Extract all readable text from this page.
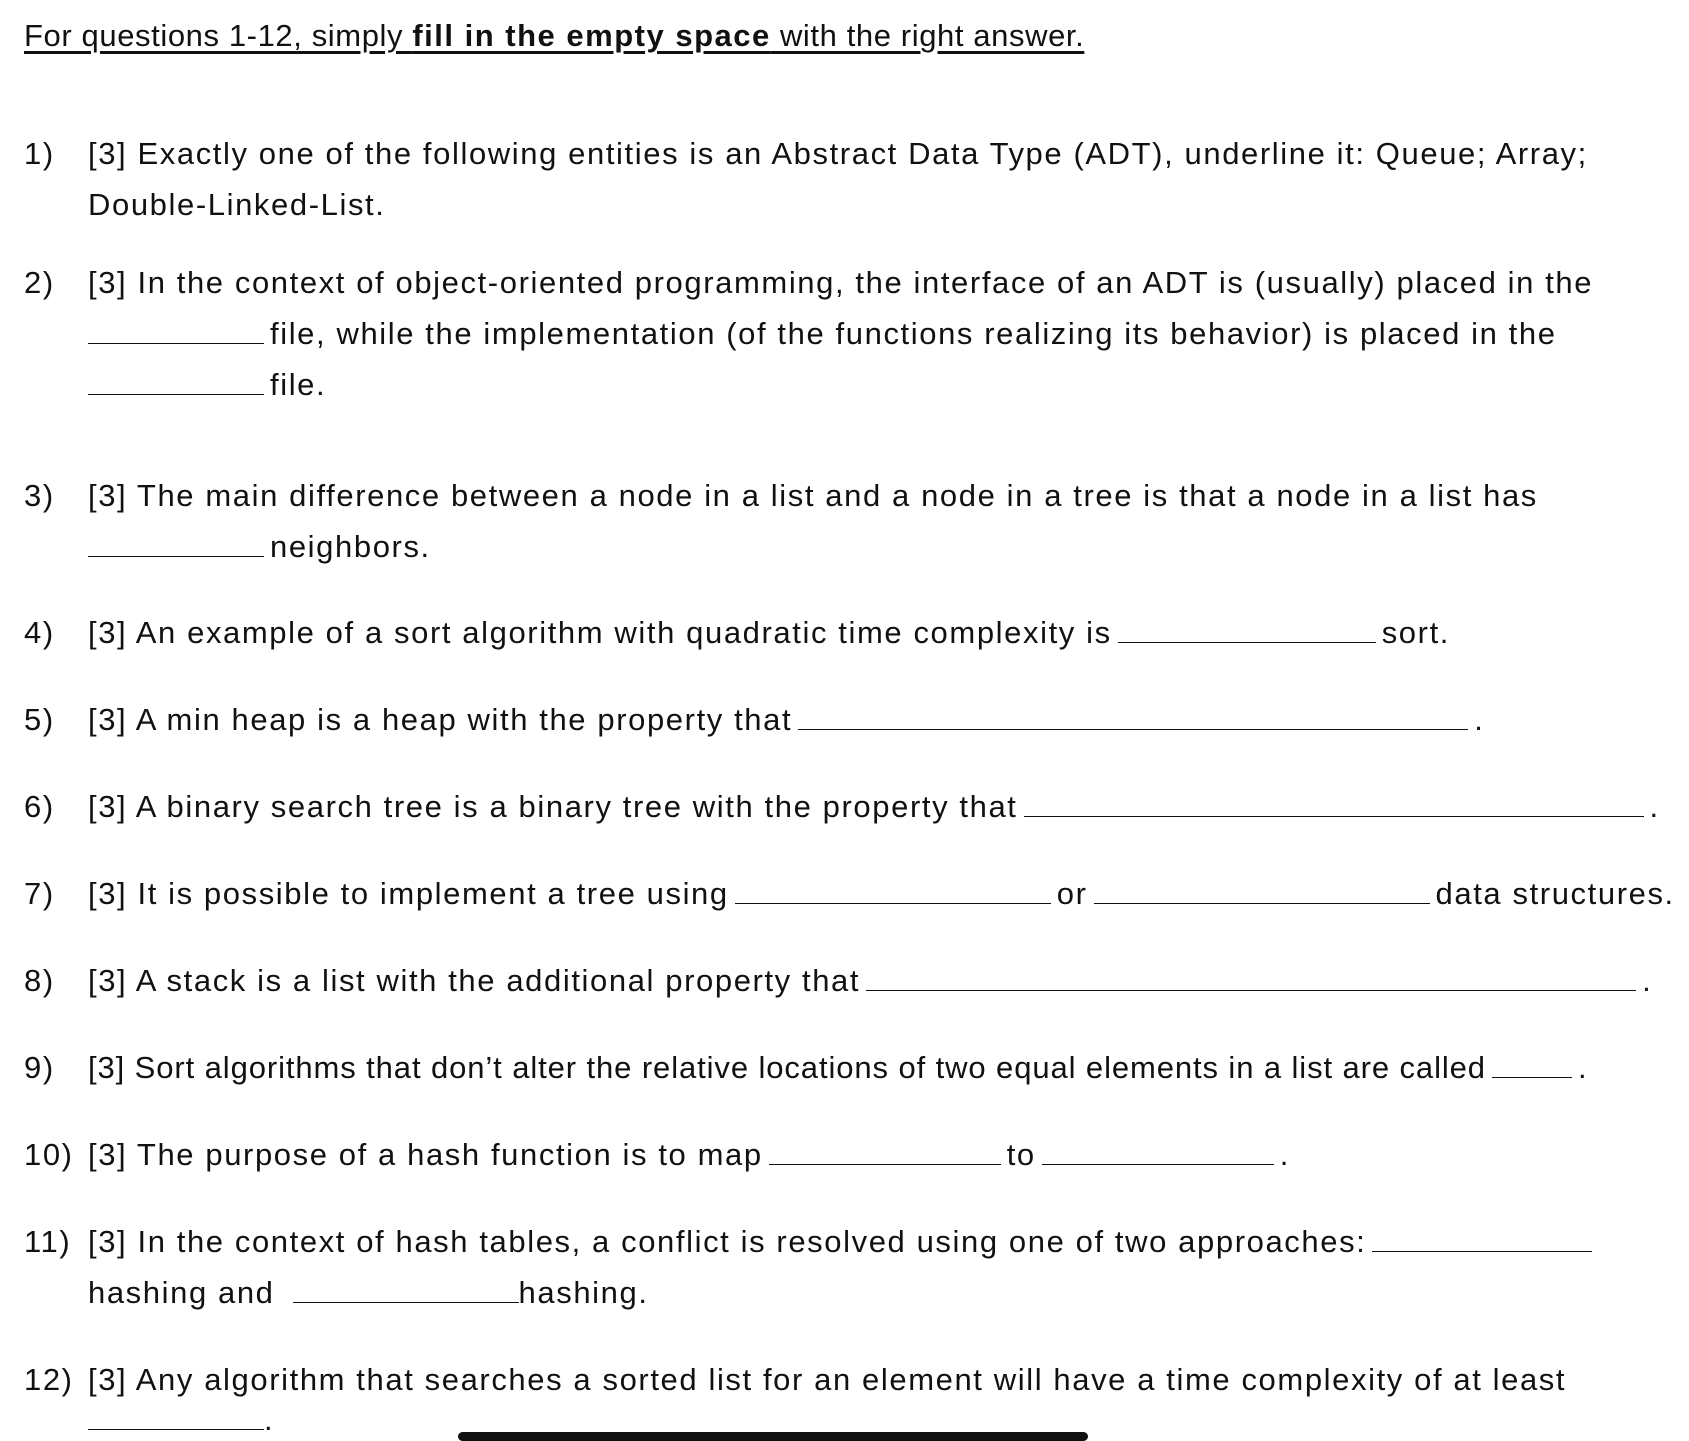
For questions 1-12, simply fill in the empty space with the right answer.
1) [3] Exactly one of the following entities is an Abstract Data Type (ADT), underline it: Queue; Array;
Double-Linked-List.
2) [3] In the context of object-oriented programming, the interface of an ADT is (usually) placed in the
file, while the implementation (of the functions realizing its behavior) is placed in the
file.
3) [3] The main difference between a node in a list and a node in a tree is that a node in a list has
neighbors.
4) [3] An example of a sort algorithm with quadratic time complexity is	sort.
5) [3] A min heap is a heap with the property that	.
6) [3] A binary search tree is a binary tree with the property that	.
7) [3] It is possible to implement a tree using	or	data structures.
8) [3] A stack is a list with the additional property that	.
9) [3] Sort algorithms that don’t alter the relative locations of two equal elements in a list are called	.
10) [3] The purpose of a hash function is to map	to	.
11) [3] In the context of hash tables, a conflict is resolved using one of two approaches:
hashing and	hashing.
12) [3] Any algorithm that searches a sorted list for an element will have a time complexity of at least
.
